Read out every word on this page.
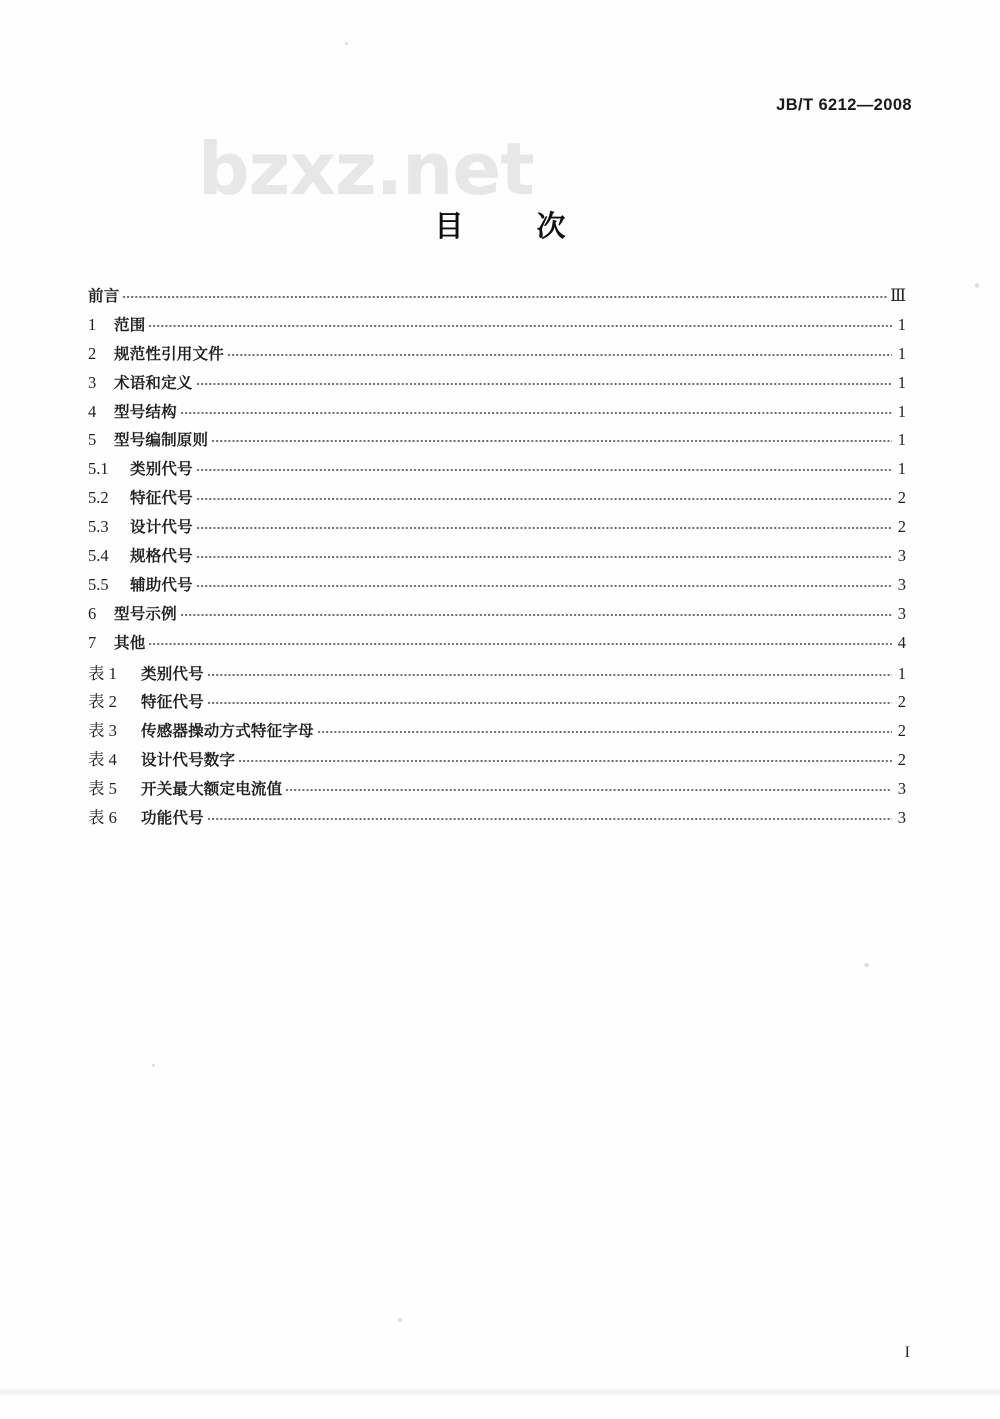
JB/T 6212—2008
bzxz.net
目　次
前言	Ⅲ
1	范围	1
2	规范性引用文件	1
3	术语和定义	1
4	型号结构	1
5	型号编制原则	1
5.1	类别代号	1
5.2	特征代号	2
5.3	设计代号	2
5.4	规格代号	3
5.5	辅助代号	3
6	型号示例	3
7	其他	4
表 1	类别代号	1
表 2	特征代号	2
表 3	传感器操动方式特征字母	2
表 4	设计代号数字	2
表 5	开关最大额定电流值	3
表 6	功能代号	3
I
